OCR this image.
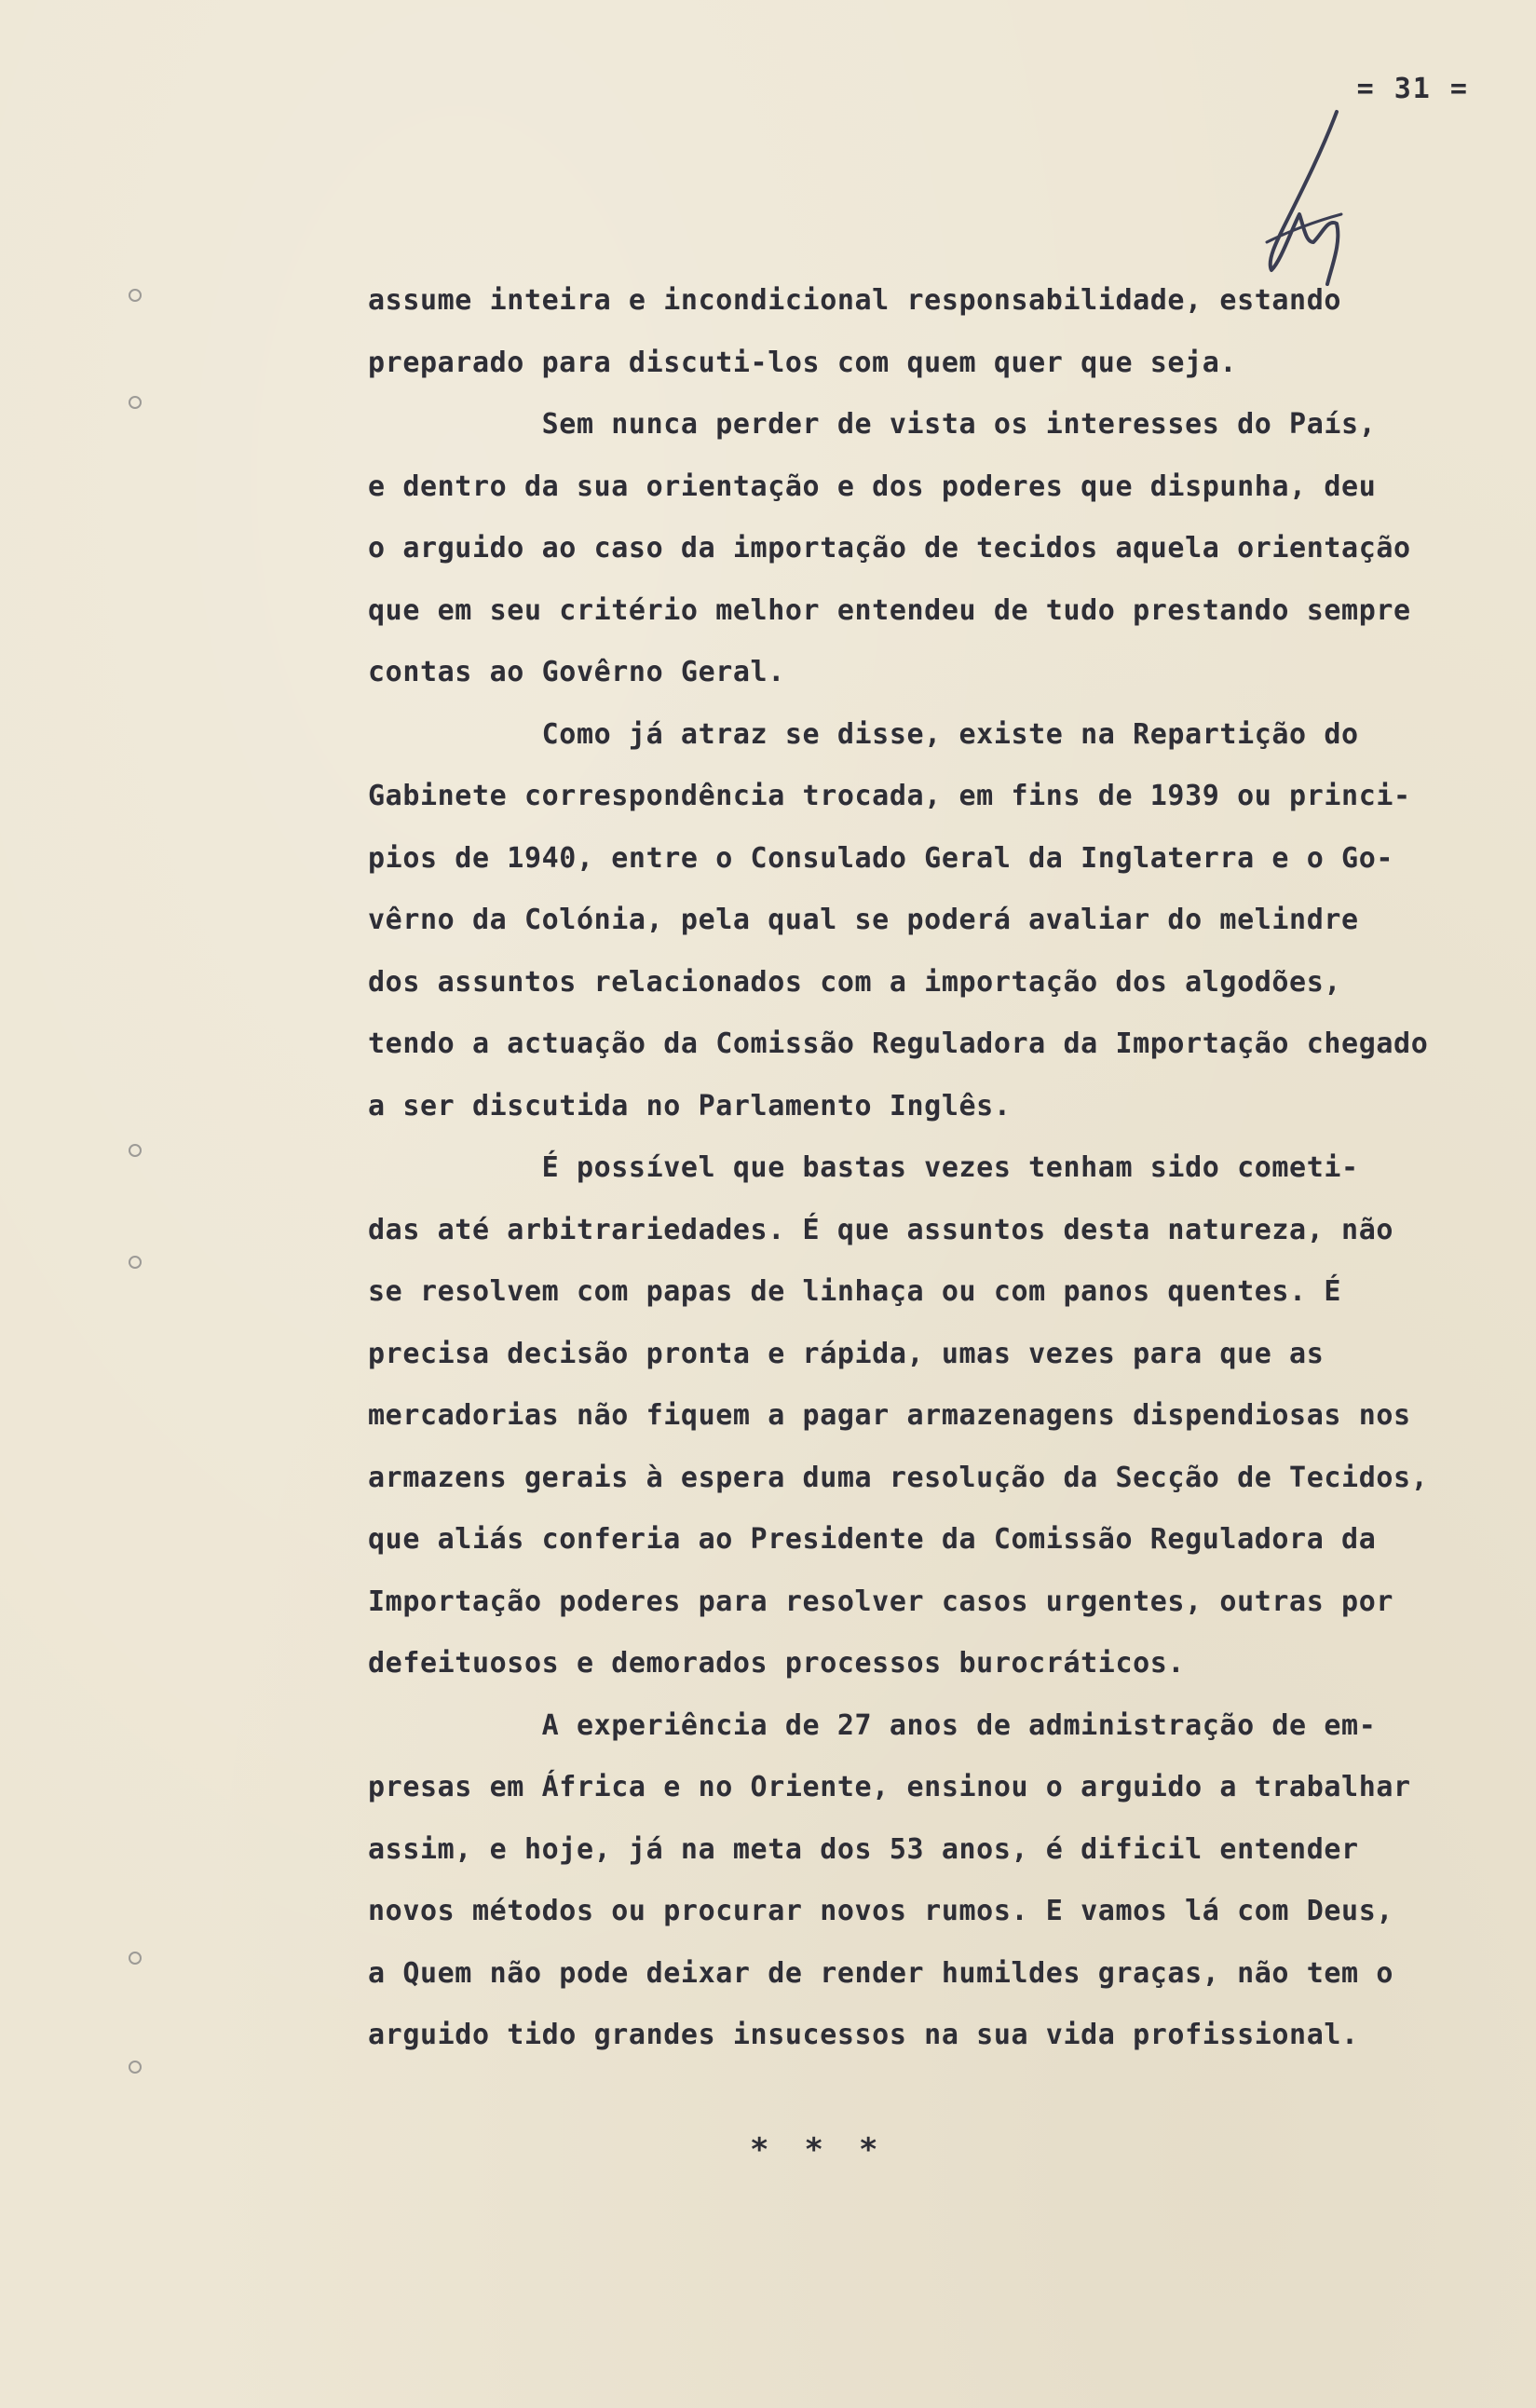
= 31 =

assume inteira e incondicional responsabilidade, estando

preparado para discuti-los com quem quer que seja.

Sem nunca perder de vista os interesses do País,

e dentro da sua orientação e dos poderes que dispunha, deu

o arguido ao caso da importação de tecidos aquela orientação

que em seu critério melhor entendeu de tudo prestando sempre

contas ao Govêrno Geral.

Como já atraz se disse, existe na Repartição do

Gabinete correspondência trocada, em fins de 1939 ou princi-

pios de 1940, entre o Consulado Geral da Inglaterra e o Go-

vêrno da Colónia, pela qual se poderá avaliar do melindre

dos assuntos relacionados com a importação dos algodões,

tendo a actuação da Comissão Reguladora da Importação chegado

a ser discutida no Parlamento Inglês.

É possível que bastas vezes tenham sido cometi-

das até arbitrariedades. É que assuntos desta natureza, não

se resolvem com papas de linhaça ou com panos quentes. É

precisa decisão pronta e rápida, umas vezes para que as

mercadorias não fiquem a pagar armazenagens dispendiosas nos

armazens gerais à espera duma resolução da Secção de Tecidos,

que aliás conferia ao Presidente da Comissão Reguladora da

Importação poderes para resolver casos urgentes, outras por

defeituosos e demorados processos burocráticos.

A experiência de 27 anos de administração de em-

presas em África e no Oriente, ensinou o arguido a trabalhar

assim, e hoje, já na meta dos 53 anos, é dificil entender

novos métodos ou procurar novos rumos. E vamos lá com Deus,

a Quem não pode deixar de render humildes graças, não tem o

arguido tido grandes insucessos na sua vida profissional.

***
